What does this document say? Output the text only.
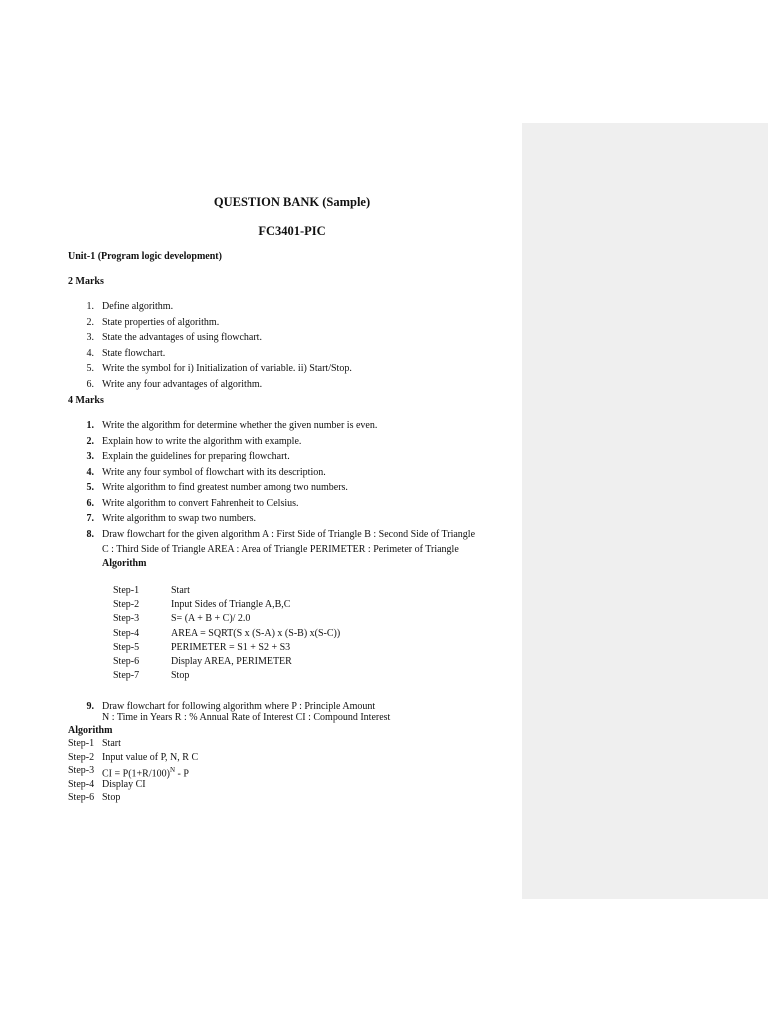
QUESTION BANK (Sample)
FC3401-PIC
Unit-1 (Program logic development)
2 Marks
1. Define algorithm.
2. State properties of algorithm.
3. State the advantages of using flowchart.
4. State flowchart.
5. Write the symbol for i) Initialization of variable. ii) Start/Stop.
6. Write any four advantages of algorithm.
4 Marks
1. Write the algorithm for determine whether the given number is even.
2. Explain how to write the algorithm with example.
3. Explain the guidelines for preparing flowchart.
4. Write any four symbol of flowchart with its description.
5. Write algorithm to find greatest number among two numbers.
6. Write algorithm to convert Fahrenheit to Celsius.
7. Write algorithm to swap two numbers.
8. Draw flowchart for the given algorithm A : First Side of Triangle B : Second Side of Triangle
C : Third Side of Triangle AREA : Area of Triangle PERIMETER : Perimeter of Triangle
Algorithm
Step-1	Start
Step-2	Input Sides of Triangle A,B,C
Step-3	S= (A + B + C)/ 2.0
Step-4	AREA = SQRT(S x (S-A) x (S-B) x(S-C))
Step-5	PERIMETER = S1 + S2 + S3
Step-6	Display AREA, PERIMETER
Step-7	Stop
9. Draw flowchart for following algorithm where P : Principle Amount
N : Time in Years R : % Annual Rate of Interest CI : Compound Interest
Algorithm
Step-1 Start
Step-2 Input value of P, N, R C
Step-3 CI = $P(1+R/100)^N - P$
Step-4 Display CI
Step-6 Stop
